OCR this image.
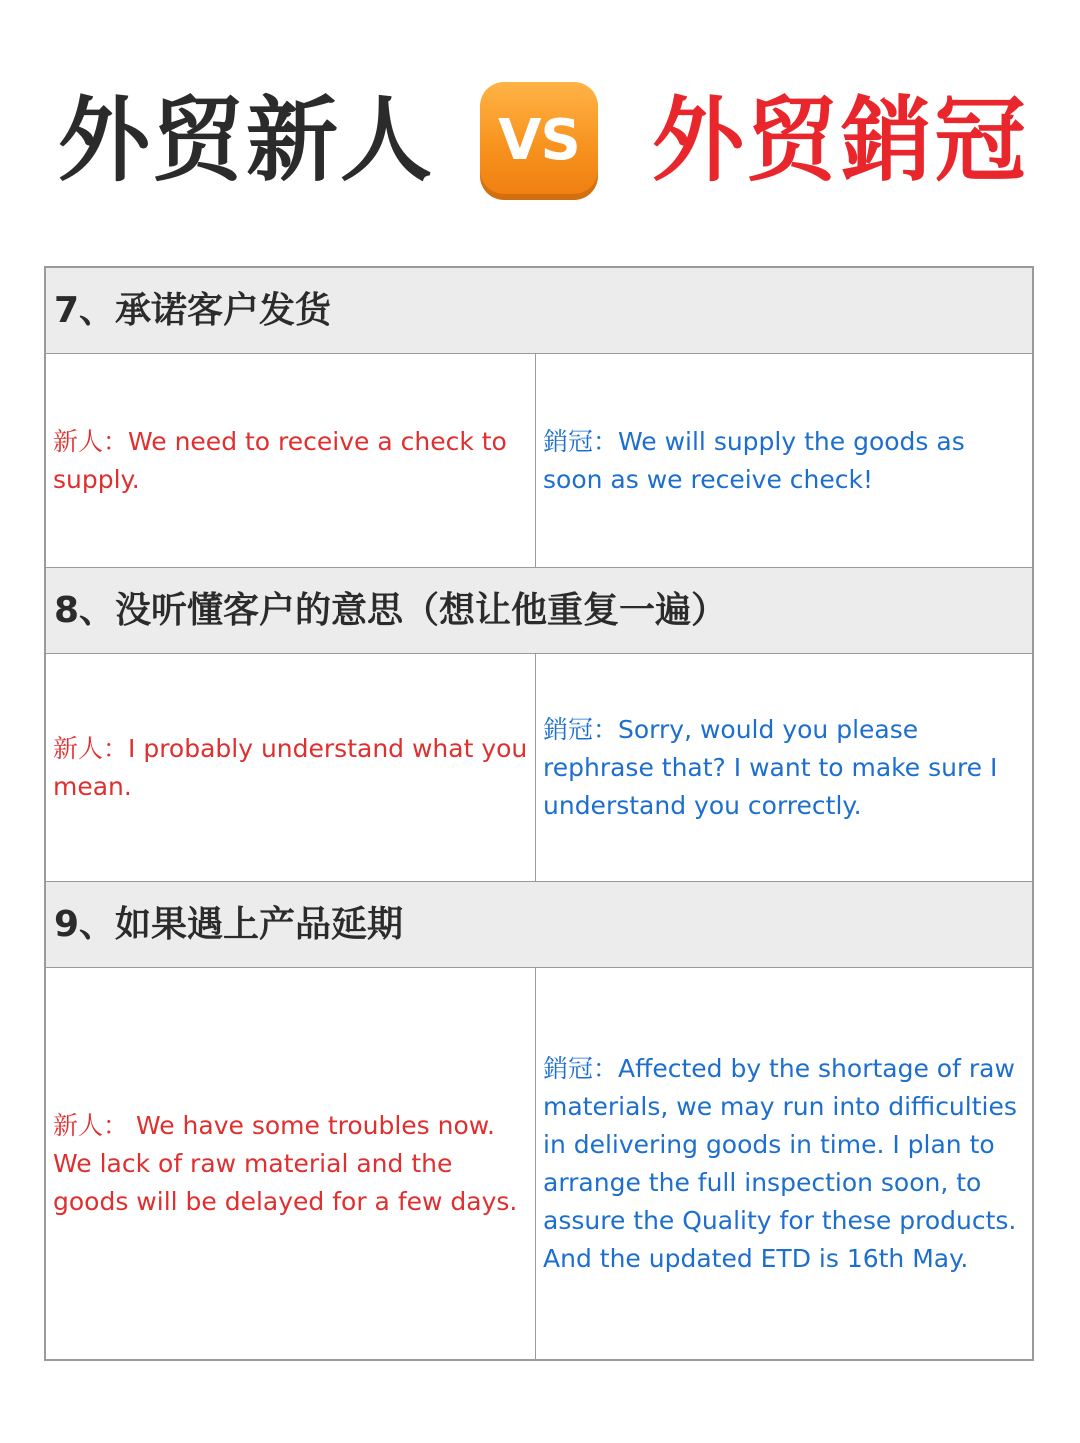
外贸新人	VS 外贸銷冠
7、承诺客户发货
新人：We need to receive a check to supply.
銷冠：We will supply the goods as soon as we receive check!
8、没听懂客户的意思（想让他重复一遍）
新人：I probably understand what you mean.
銷冠：Sorry, would you please rephrase that? I want to make sure I understand you correctly.
9、如果遇上产品延期
新人： We have some troubles now. We lack of raw material and the goods will be delayed for a few days.
銷冠：Affected by the shortage of raw materials, we may run into difficulties in delivering goods in time. I plan to arrange the full inspection soon, to assure the Quality for these products. And the updated ETD is 16th May.
